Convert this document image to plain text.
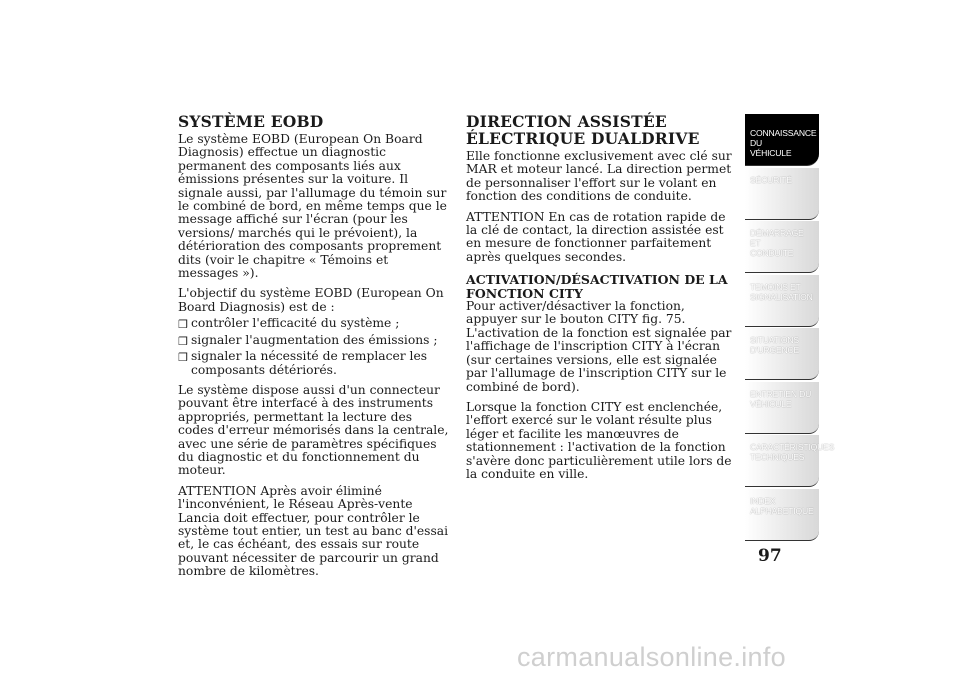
SYSTÈME EOBD

Le système EOBD (European On Board Diagnosis) effectue un diagnostic permanent des composants liés aux émissions présentes sur la voiture. Il signale aussi, par l'allumage du témoin sur le combiné de bord, en même temps que le message affiché sur l'écran (pour les versions/ marchés qui le prévoient), la détérioration des composants proprement dits (voir le chapitre « Témoins et messages »).

L'objectif du système EOBD (European On Board Diagnosis) est de :

❒ contrôler l'efficacité du système ;
❒ signaler l'augmentation des émissions ;
❒ signaler la nécessité de remplacer les composants détériorés.

Le système dispose aussi d'un connecteur pouvant être interfacé à des instruments appropriés, permettant la lecture des codes d'erreur mémorisés dans la centrale, avec une série de paramètres spécifiques du diagnostic et du fonctionnement du moteur.

ATTENTION Après avoir éliminé l'inconvénient, le Réseau Après-vente Lancia doit effectuer, pour contrôler le système tout entier, un test au banc d'essai et, le cas échéant, des essais sur route pouvant nécessiter de parcourir un grand nombre de kilomètres.

DIRECTION ASSISTÉE ÉLECTRIQUE DUALDRIVE

Elle fonctionne exclusivement avec clé sur MAR et moteur lancé. La direction permet de personnaliser l'effort sur le volant en fonction des conditions de conduite.

ATTENTION En cas de rotation rapide de la clé de contact, la direction assistée est en mesure de fonctionner parfaitement après quelques secondes.

ACTIVATION/DÉSACTIVATION DE LA FONCTION CITY

Pour activer/désactiver la fonction, appuyer sur le bouton CITY fig. 75. L'activation de la fonction est signalée par l'affichage de l'inscription CITY à l'écran (sur certaines versions, elle est signalée par l'allumage de l'inscription CITY sur le combiné de bord).

Lorsque la fonction CITY est enclenchée, l'effort exercé sur le volant résulte plus léger et facilite les manœuvres de stationnement : l'activation de la fonction s'avère donc particulièrement utile lors de la conduite en ville.

CONNAISSANCE DU
VÉHICULE
SÉCURITÉ
DÉMARRAGE ET
CONDUITE
TEMOINS ET
SIGNALISATION
SITUATIONS
D'URGENCE
ENTRETIEN DU
VÉHICULE
CARACTÉRISTIQUES
TECHNIQUES
INDEX
ALPHABETIQUE
97
carmanualsonline.info
